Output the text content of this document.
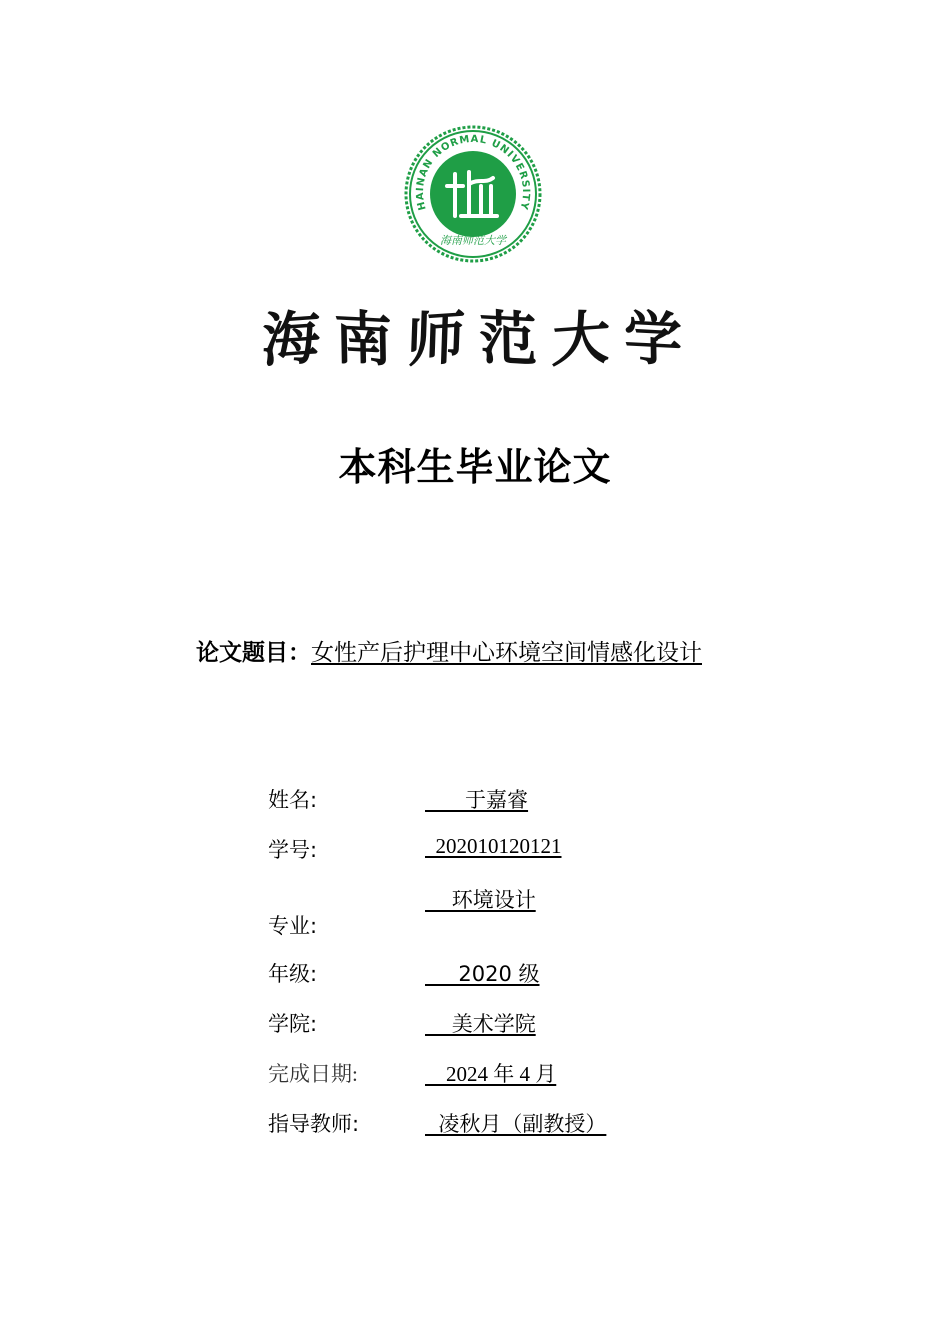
HAINAN NORMAL UNIVERSITY
海南师范大学
海 南 师 范 大 学
本科生毕业论文
论文题目：女性产后护理中心环境空间情感化设计
姓名:	于嘉睿
学号:	202010120121
专业:
环境设计
年级:	2020 级
学院:	美术学院
完成日期:	2024 年 4 月
指导教师:	凌秋月（副教授）
